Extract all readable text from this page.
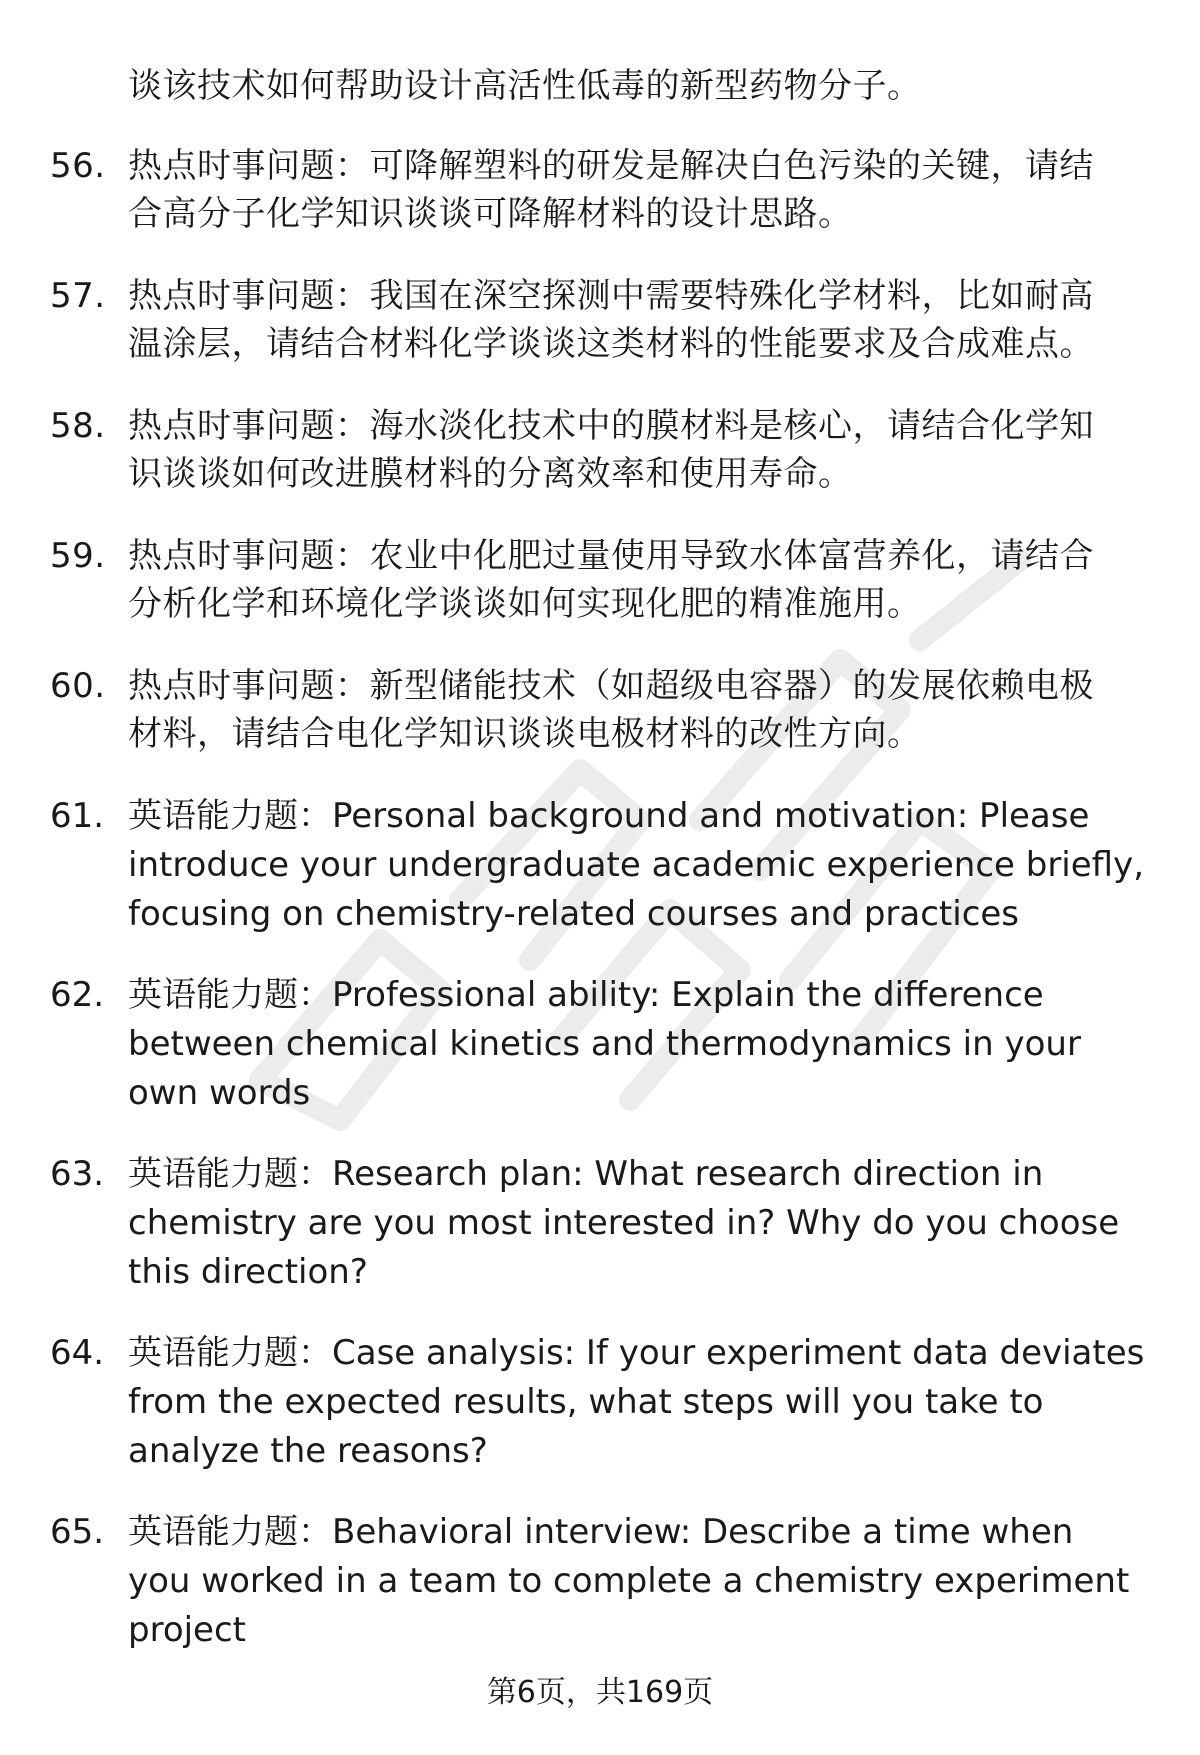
谈该技术如何帮助设计高活性低毒的新型药物分子。
56. 热点时事问题：可降解塑料的研发是解决白色污染的关键，请结
合高分子化学知识谈谈可降解材料的设计思路。
57. 热点时事问题：我国在深空探测中需要特殊化学材料，比如耐高
温涂层，请结合材料化学谈谈这类材料的性能要求及合成难点。
58. 热点时事问题：海水淡化技术中的膜材料是核心，请结合化学知
识谈谈如何改进膜材料的分离效率和使用寿命。
59. 热点时事问题：农业中化肥过量使用导致水体富营养化，请结合
分析化学和环境化学谈谈如何实现化肥的精准施用。
60. 热点时事问题：新型储能技术（如超级电容器）的发展依赖电极
材料，请结合电化学知识谈谈电极材料的改性方向。
61. 英语能力题：Personal background and motivation: Please
introduce your undergraduate academic experience briefly,
focusing on chemistry-related courses and practices
62. 英语能力题：Professional ability: Explain the difference
between chemical kinetics and thermodynamics in your
own words
63. 英语能力题：Research plan: What research direction in
chemistry are you most interested in? Why do you choose
this direction?
64. 英语能力题：Case analysis: If your experiment data deviates
from the expected results, what steps will you take to
analyze the reasons?
65. 英语能力题：Behavioral interview: Describe a time when
you worked in a team to complete a chemistry experiment
project
第6页，共169页
